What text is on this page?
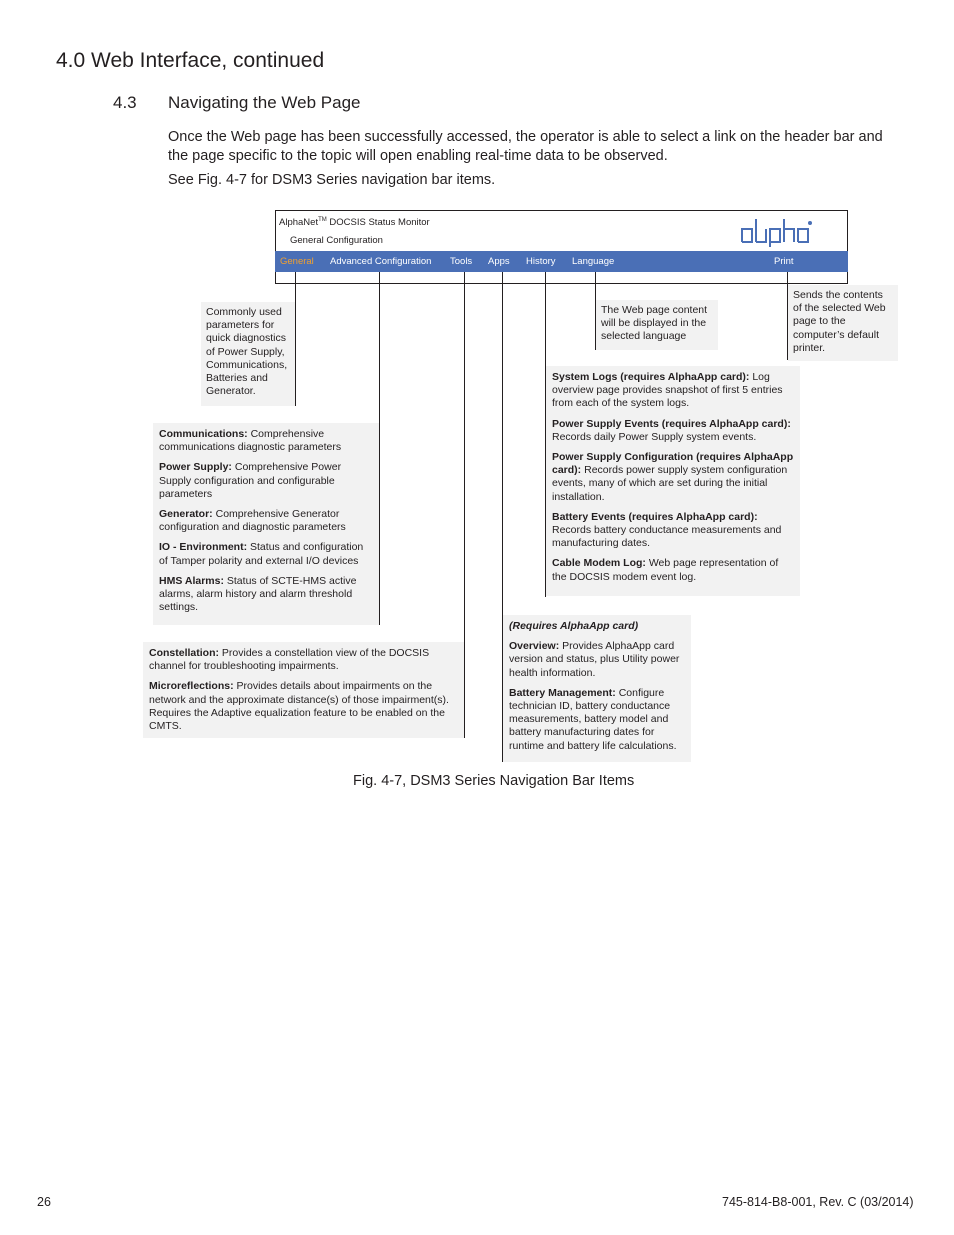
4.0 Web Interface, continued
4.3 Navigating the Web Page

Once the Web page has been successfully accessed, the operator is able to select a link on the header bar and the page specific to the topic will open enabling real-time data to be observed.

See Fig. 4-7 for DSM3 Series navigation bar items.

AlphaNet™ DOCSIS Status Monitor
General Configuration
General Advanced Configuration Tools Apps History Language	Print

Commonly used parameters for quick diagnostics of Power Supply, Communications, Batteries and Generator.

The Web page content will be displayed in the selected language

Sends the contents of the selected Web page to the computer’s default printer.

System Logs (requires AlphaApp card): Log overview page provides snapshot of first 5 entries from each of the system logs.

Power Supply Events (requires AlphaApp card): Records daily Power Supply system events.

Power Supply Configuration (requires AlphaApp card): Records power supply system configuration events, many of which are set during the initial installation.

Battery Events (requires AlphaApp card): Records battery conductance measurements and manufacturing dates.

Cable Modem Log: Web page representation of the DOCSIS modem event log.

Communications: Comprehensive communications diagnostic parameters

Power Supply: Comprehensive Power Supply configuration and configurable parameters

Generator: Comprehensive Generator configuration and diagnostic parameters

IO - Environment: Status and configuration of Tamper polarity and external I/O devices

HMS Alarms: Status of SCTE-HMS active alarms, alarm history and alarm threshold settings.

Constellation: Provides a constellation view of the DOCSIS channel for troubleshooting impairments.

Microreflections: Provides details about impairments on the network and the approximate distance(s) of those impairment(s). Requires the Adaptive equalization feature to be enabled on the CMTS.

(Requires AlphaApp card)

Overview: Provides AlphaApp card version and status, plus Utility power health information.

Battery Management: Configure technician ID, battery conductance measurements, battery model and battery manufacturing dates for runtime and battery life calculations.

Fig. 4-7, DSM3 Series Navigation Bar Items
26	745-814-B8-001, Rev. C (03/2014)
